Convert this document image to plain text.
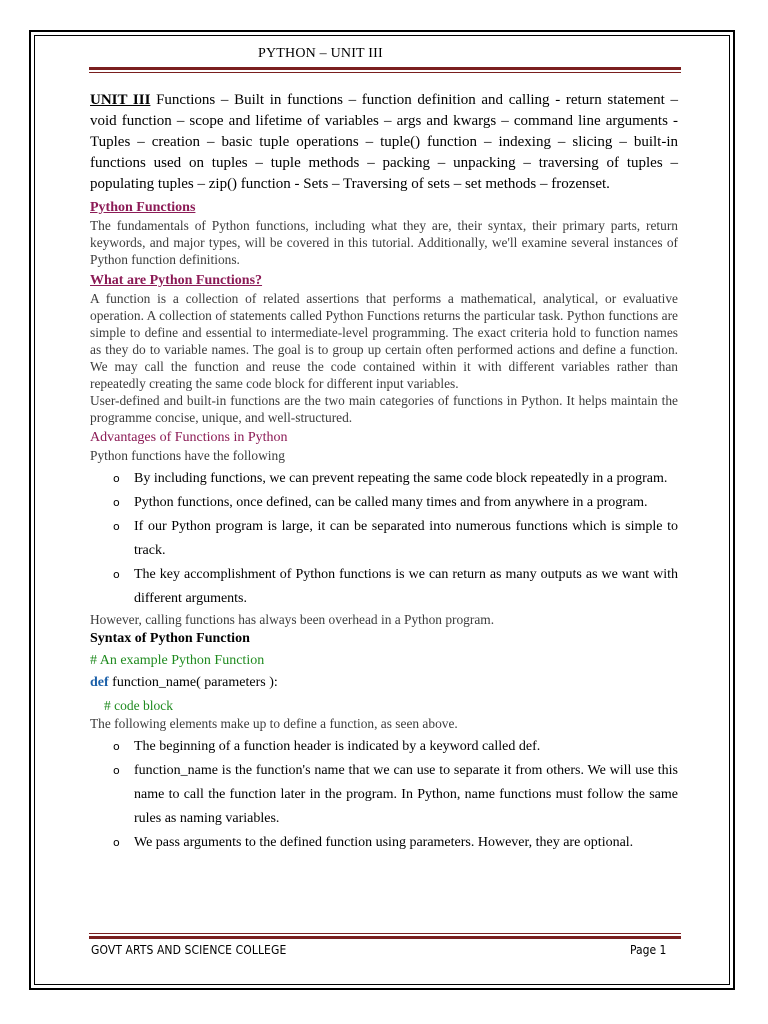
PYTHON – UNIT III
UNIT III Functions – Built in functions – function definition and calling - return statement – void function – scope and lifetime of variables – args and kwargs – command line arguments - Tuples – creation – basic tuple operations – tuple() function – indexing – slicing – built-in functions used on tuples – tuple methods – packing – unpacking – traversing of tuples – populating tuples – zip() function - Sets – Traversing of sets – set methods – frozenset.
Python Functions

The fundamentals of Python functions, including what they are, their syntax, their primary parts, return keywords, and major types, will be covered in this tutorial. Additionally, we'll examine several instances of Python function definitions.

What are Python Functions?

A function is a collection of related assertions that performs a mathematical, analytical, or evaluative operation. A collection of statements called Python Functions returns the particular task. Python functions are simple to define and essential to intermediate-level programming. The exact criteria hold to function names as they do to variable names. The goal is to group up certain often performed actions and define a function. We may call the function and reuse the code contained within it with different variables rather than repeatedly creating the same code block for different input variables.

User-defined and built-in functions are the two main categories of functions in Python. It helps maintain the programme concise, unique, and well-structured.

Advantages of Functions in Python

Python functions have the following

o By including functions, we can prevent repeating the same code block repeatedly in a program.
o Python functions, once defined, can be called many times and from anywhere in a program.
o If our Python program is large, it can be separated into numerous functions which is simple to track.
o The key accomplishment of Python functions is we can return as many outputs as we want with different arguments.

However, calling functions has always been overhead in a Python program.

Syntax of Python Function
# An example Python Function
def function_name( parameters ):
# code block

The following elements make up to define a function, as seen above.

o The beginning of a function header is indicated by a keyword called def.
o function_name is the function's name that we can use to separate it from others. We will use this name to call the function later in the program. In Python, name functions must follow the same rules as naming variables.
o We pass arguments to the defined function using parameters. However, they are optional.
GOVT ARTS AND SCIENCE COLLEGE	Page 1
